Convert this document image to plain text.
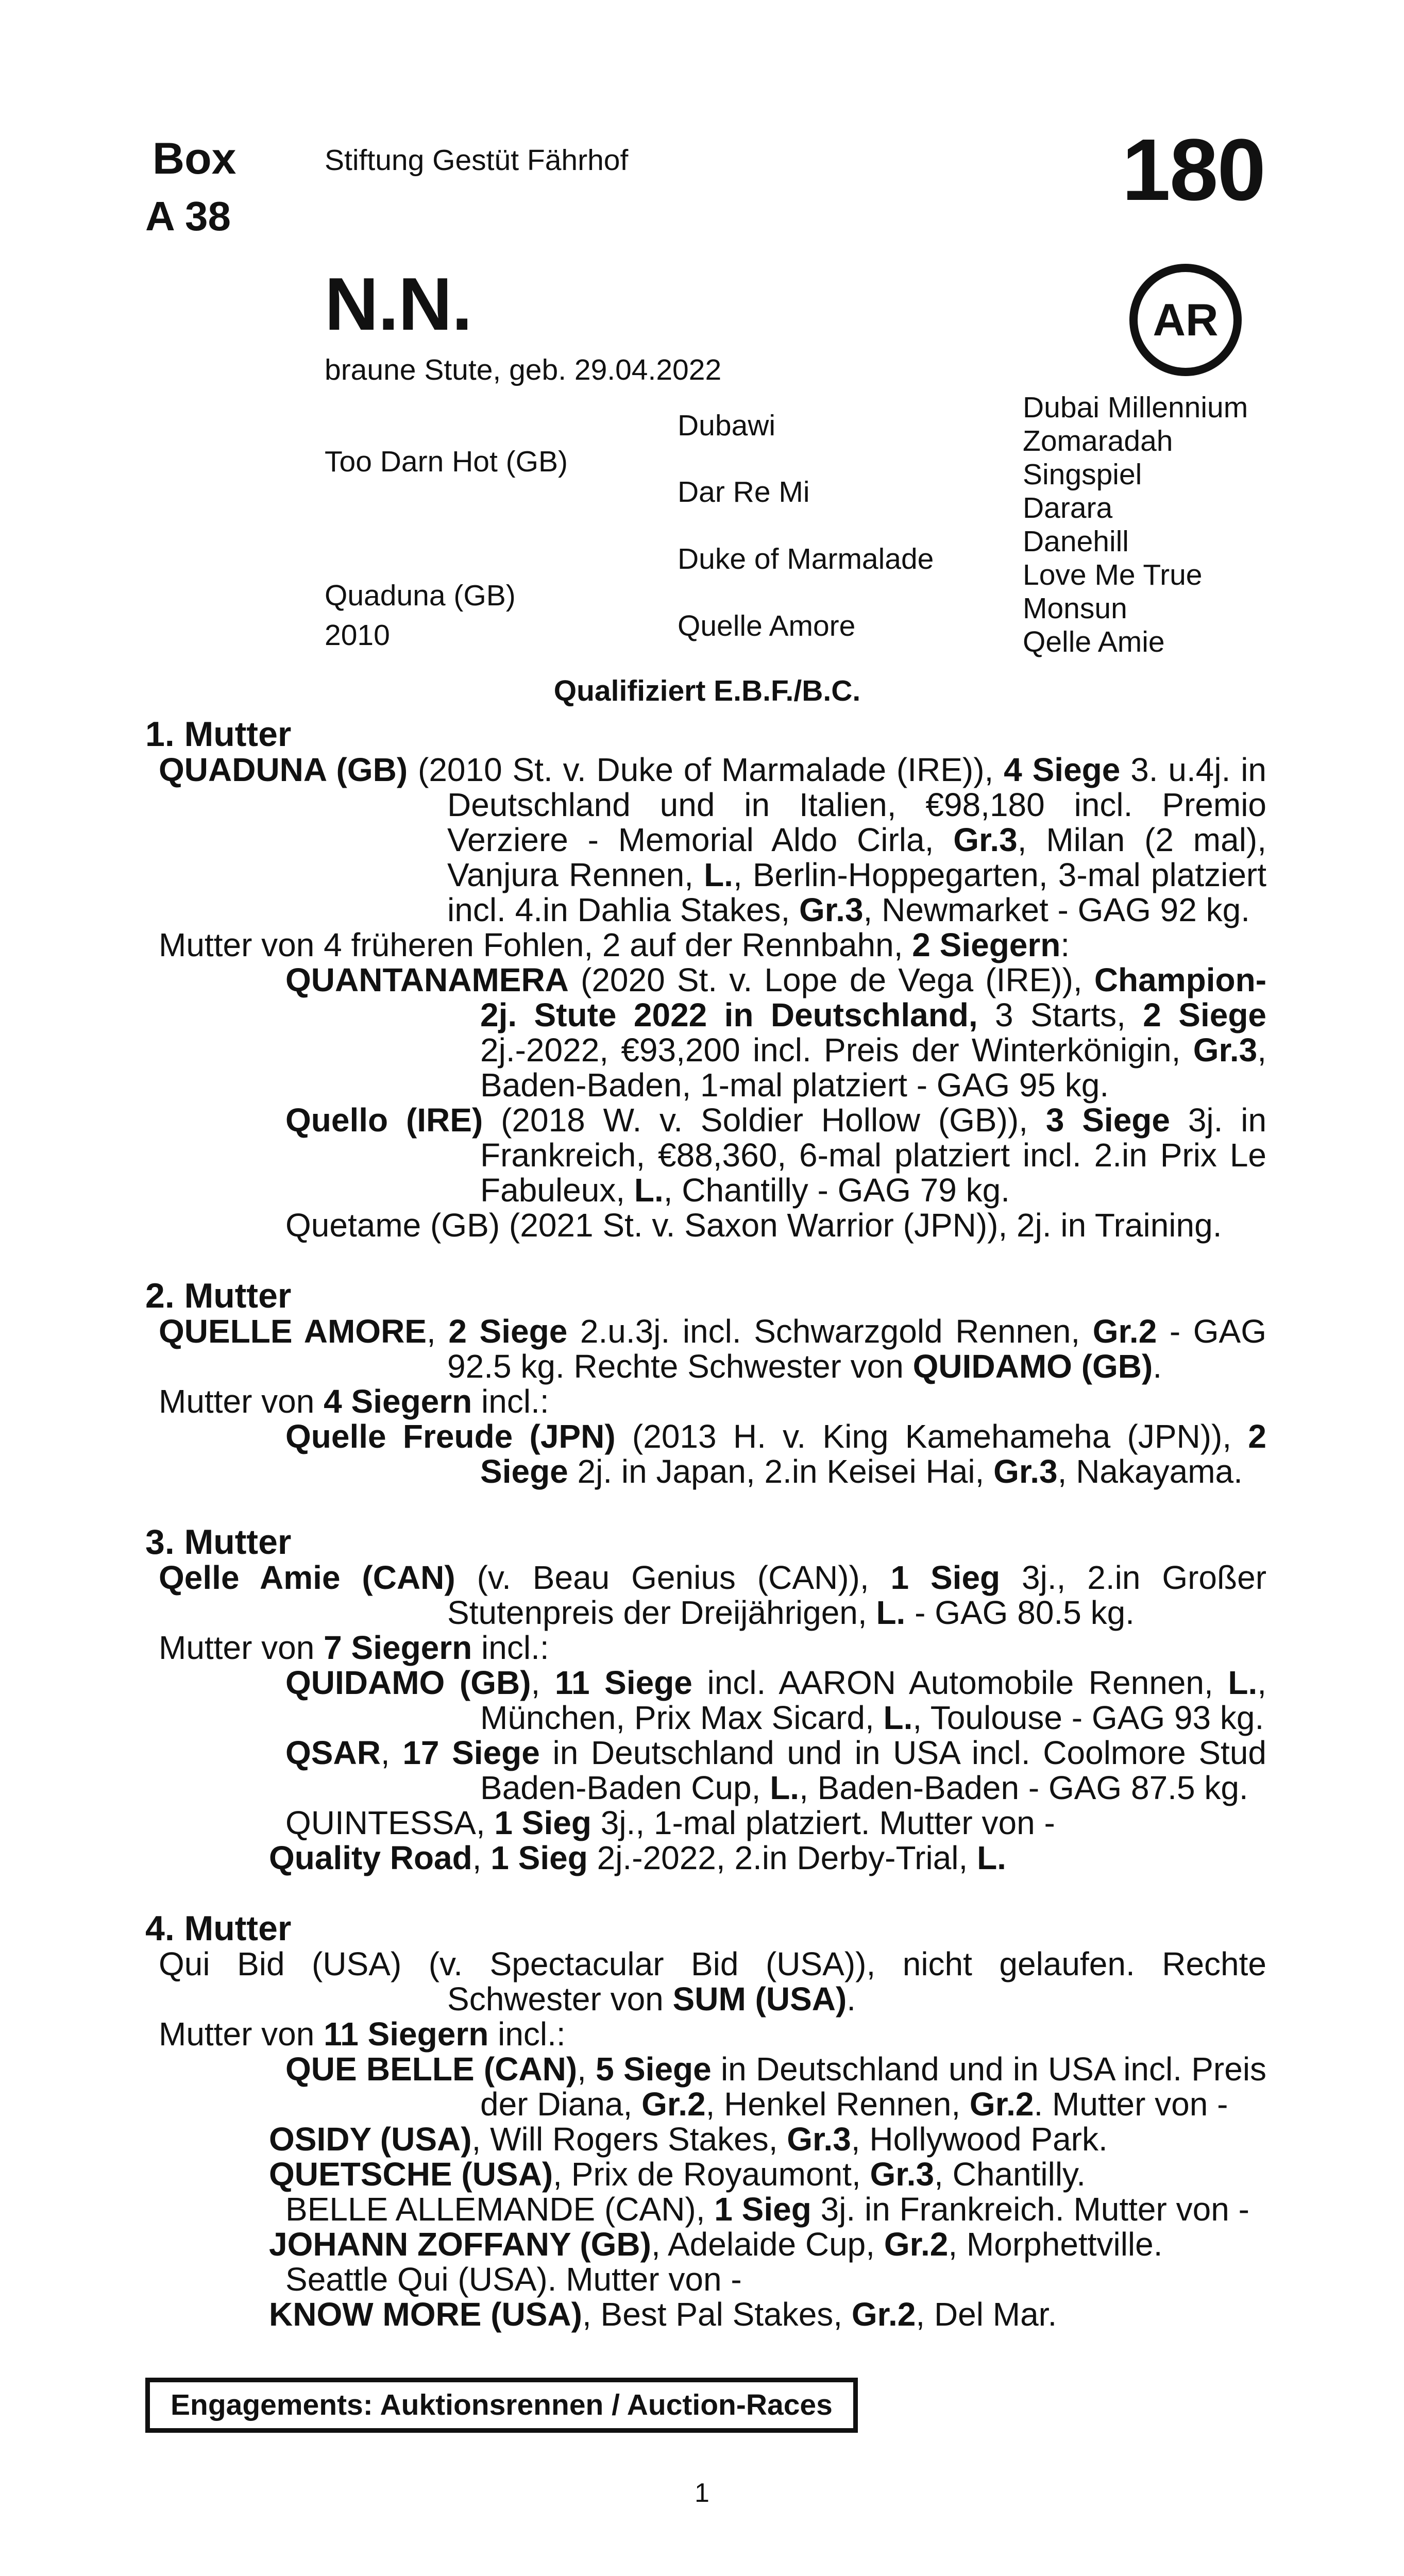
Box
A 38
Stiftung Gestüt Fährhof	180
AR
N.N.
braune Stute, geb. 29.04.2022
Too Darn Hot (GB)
Quaduna (GB)
2010
Dubawi
Dar Re Mi
Duke of Marmalade
Quelle Amore
Dubai Millennium
Zomaradah
Singspiel
Darara
Danehill
Love Me True
Monsun
Qelle Amie
Qualifiziert E.B.F./B.C.
1. Mutter
QUADUNA (GB) (2010 St. v. Duke of Marmalade (IRE)), 4 Siege 3. u.4j. in Deutschland und in Italien, €98,180 incl. Premio Verziere - Memorial Aldo Cirla, Gr.3, Milan (2 mal), Vanjura Rennen, L., Berlin-Hoppegarten, 3-mal platziert incl. 4.in Dahlia Stakes, Gr.3, Newmarket - GAG 92 kg.
Mutter von 4 früheren Fohlen, 2 auf der Rennbahn, 2 Siegern:
QUANTANAMERA (2020 St. v. Lope de Vega (IRE)), Champion-2j. Stute 2022 in Deutschland, 3 Starts, 2 Siege 2j.-2022, €93,200 incl. Preis der Winterkönigin, Gr.3, Baden-Baden, 1-mal platziert - GAG 95 kg.
Quello (IRE) (2018 W. v. Soldier Hollow (GB)), 3 Siege 3j. in Frankreich, €88,360, 6-mal platziert incl. 2.in Prix Le Fabuleux, L., Chantilly - GAG 79 kg.
Quetame (GB) (2021 St. v. Saxon Warrior (JPN)), 2j. in Training.
2. Mutter
QUELLE AMORE, 2 Siege 2.u.3j. incl. Schwarzgold Rennen, Gr.2 - GAG 92.5 kg. Rechte Schwester von QUIDAMO (GB).
Mutter von 4 Siegern incl.:
Quelle Freude (JPN) (2013 H. v. King Kamehameha (JPN)), 2 Siege 2j. in Japan, 2.in Keisei Hai, Gr.3, Nakayama.
3. Mutter
Qelle Amie (CAN) (v. Beau Genius (CAN)), 1 Sieg 3j., 2.in Großer Stutenpreis der Dreijährigen, L. - GAG 80.5 kg.
Mutter von 7 Siegern incl.:
QUIDAMO (GB), 11 Siege incl. AARON Automobile Rennen, L., München, Prix Max Sicard, L., Toulouse - GAG 93 kg.
QSAR, 17 Siege in Deutschland und in USA incl. Coolmore Stud Baden-Baden Cup, L., Baden-Baden - GAG 87.5 kg.
QUINTESSA, 1 Sieg 3j., 1-mal platziert. Mutter von -
Quality Road, 1 Sieg 2j.-2022, 2.in Derby-Trial, L.
4. Mutter
Qui Bid (USA) (v. Spectacular Bid (USA)), nicht gelaufen. Rechte Schwester von SUM (USA).
Mutter von 11 Siegern incl.:
QUE BELLE (CAN), 5 Siege in Deutschland und in USA incl. Preis der Diana, Gr.2, Henkel Rennen, Gr.2. Mutter von -
OSIDY (USA), Will Rogers Stakes, Gr.3, Hollywood Park.
QUETSCHE (USA), Prix de Royaumont, Gr.3, Chantilly.
BELLE ALLEMANDE (CAN), 1 Sieg 3j. in Frankreich. Mutter von -
JOHANN ZOFFANY (GB), Adelaide Cup, Gr.2, Morphettville.
Seattle Qui (USA). Mutter von -
KNOW MORE (USA), Best Pal Stakes, Gr.2, Del Mar.
Engagements: Auktionsrennen / Auction-Races
1
